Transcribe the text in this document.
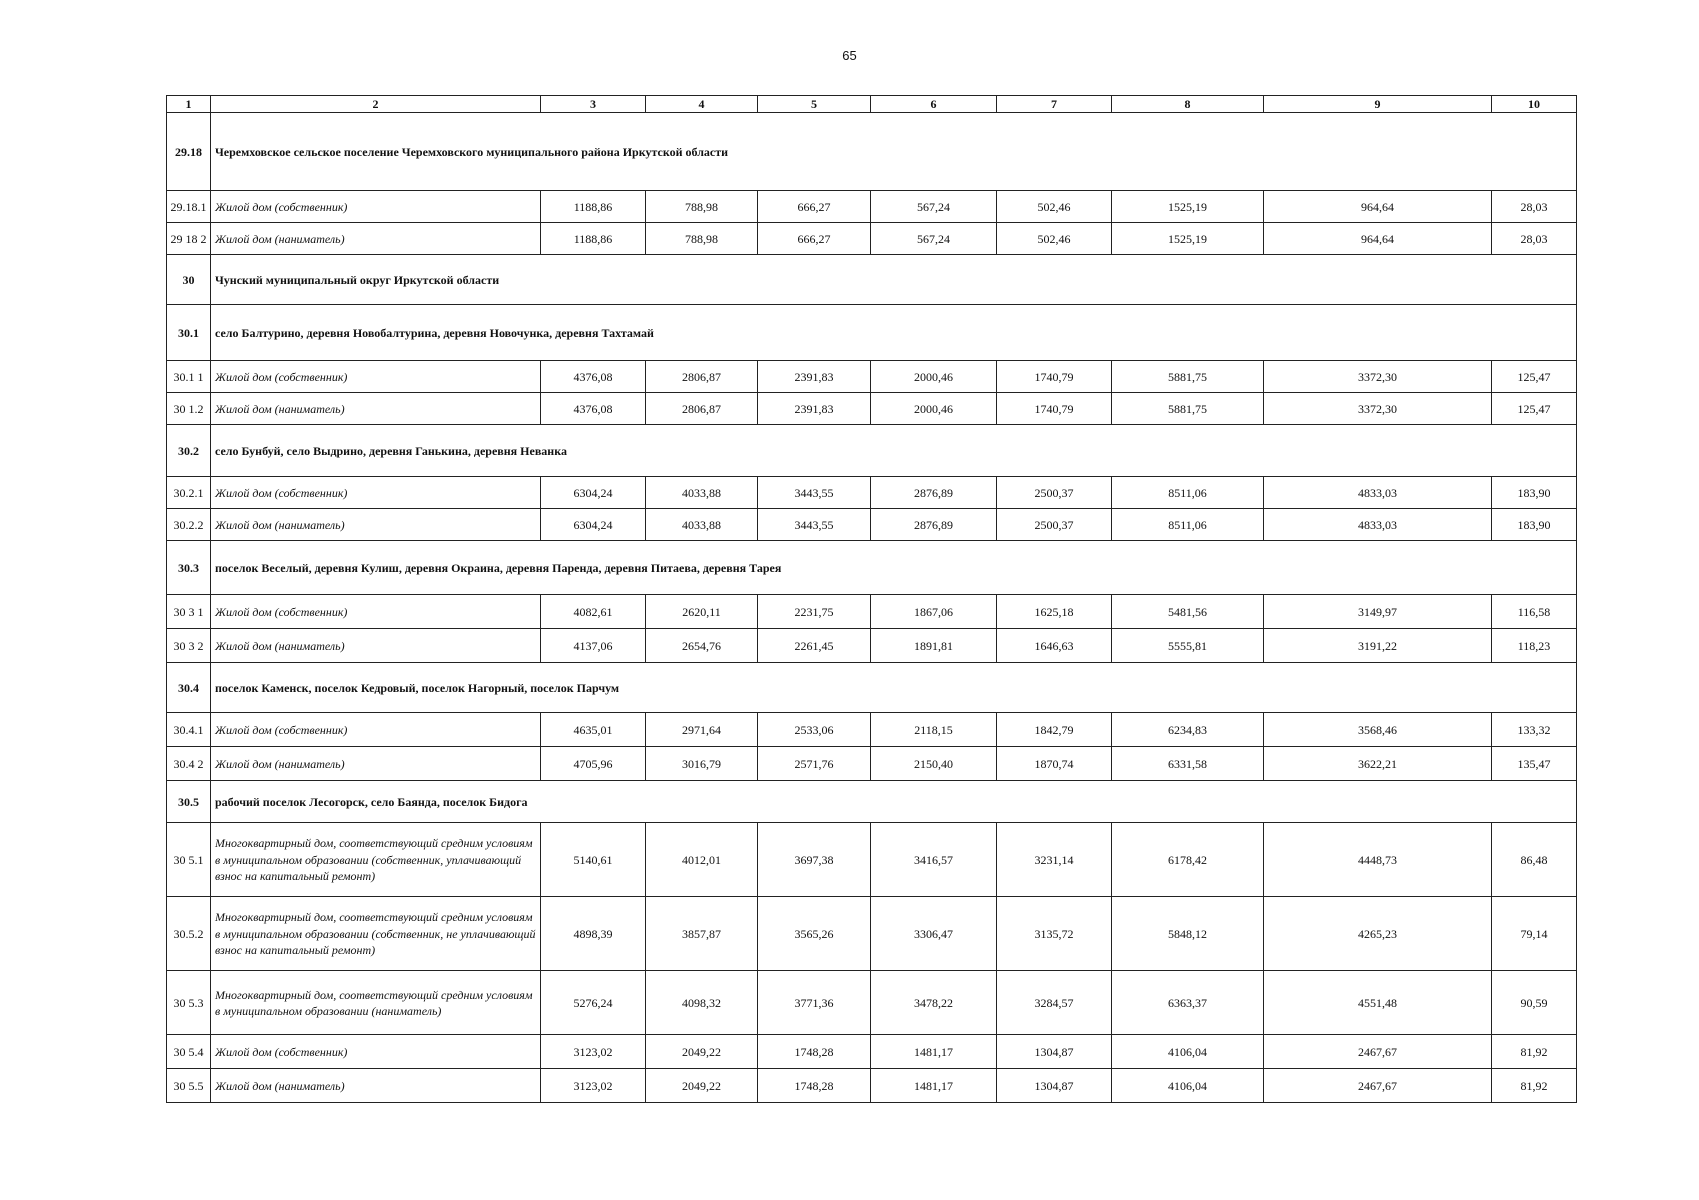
65
1	2	3	4	5	6	7	8	9	10
29.18	Черемховское сельское поселение Черемховского муниципального района Иркутской области								
29.18.1	Жилой дом (собственник)	1188,86	788,98	666,27	567,24	502,46	1525,19	964,64	28,03
29 18 2	Жилой дом (наниматель)	1188,86	788,98	666,27	567,24	502,46	1525,19	964,64	28,03
30	Чунский муниципальный округ Иркутской области								
30.1	село Балтурино, деревня Новобалтурина, деревня Новочунка, деревня Тахтамай								
30.1 1	Жилой дом (собственник)	4376,08	2806,87	2391,83	2000,46	1740,79	5881,75	3372,30	125,47
30 1.2	Жилой дом (наниматель)	4376,08	2806,87	2391,83	2000,46	1740,79	5881,75	3372,30	125,47
30.2	село Бунбуй, село Выдрино, деревня Ганькина, деревня Неванка								
30.2.1	Жилой дом (собственник)	6304,24	4033,88	3443,55	2876,89	2500,37	8511,06	4833,03	183,90
30.2.2	Жилой дом (наниматель)	6304,24	4033,88	3443,55	2876,89	2500,37	8511,06	4833,03	183,90
30.3	поселок Веселый, деревня Кулиш, деревня Окраина, деревня Паренда, деревня Питаева, деревня Тарея								
30 3 1	Жилой дом (собственник)	4082,61	2620,11	2231,75	1867,06	1625,18	5481,56	3149,97	116,58
30 3 2	Жилой дом (наниматель)	4137,06	2654,76	2261,45	1891,81	1646,63	5555,81	3191,22	118,23
30.4	поселок Каменск, поселок Кедровый, поселок Нагорный, поселок Парчум								
30.4.1	Жилой дом (собственник)	4635,01	2971,64	2533,06	2118,15	1842,79	6234,83	3568,46	133,32
30.4 2	Жилой дом (наниматель)	4705,96	3016,79	2571,76	2150,40	1870,74	6331,58	3622,21	135,47
30.5	рабочий поселок Лесогорск, село Баянда, поселок Бидога								
30 5.1	Многоквартирный дом, соответствующий средним условиям в муниципальном образовании (собственник, уплачивающий взнос на капитальный ремонт)	5140,61	4012,01	3697,38	3416,57	3231,14	6178,42	4448,73	86,48
30.5.2	Многоквартирный дом, соответствующий средним условиям в муниципальном образовании (собственник, не уплачивающий взнос на капитальный ремонт)	4898,39	3857,87	3565,26	3306,47	3135,72	5848,12	4265,23	79,14
30 5.3	Многоквартирный дом, соответствующий средним условиям в муниципальном образовании (наниматель)	5276,24	4098,32	3771,36	3478,22	3284,57	6363,37	4551,48	90,59
30 5.4	Жилой дом (собственник)	3123,02	2049,22	1748,28	1481,17	1304,87	4106,04	2467,67	81,92
30 5.5	Жилой дом (наниматель)	3123,02	2049,22	1748,28	1481,17	1304,87	4106,04	2467,67	81,92
